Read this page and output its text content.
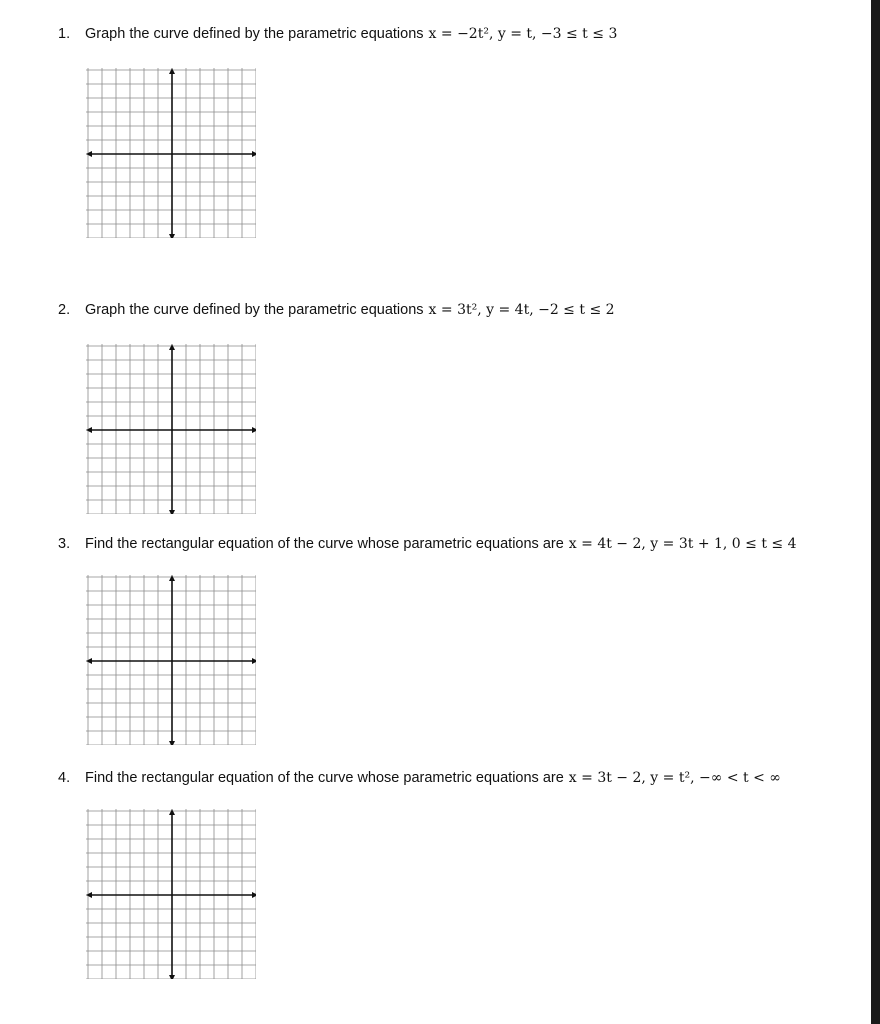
1.	Graph the curve defined by the parametric equations x = −2t², y = t, −3 ≤ t ≤ 3
2.	Graph the curve defined by the parametric equations x = 3t², y = 4t, −2 ≤ t ≤ 2
3.	Find the rectangular equation of the curve whose parametric equations are x = 4t − 2, y = 3t + 1, 0 ≤ t ≤ 4
4.	Find the rectangular equation of the curve whose parametric equations are x = 3t − 2, y = t², −∞ < t < ∞
